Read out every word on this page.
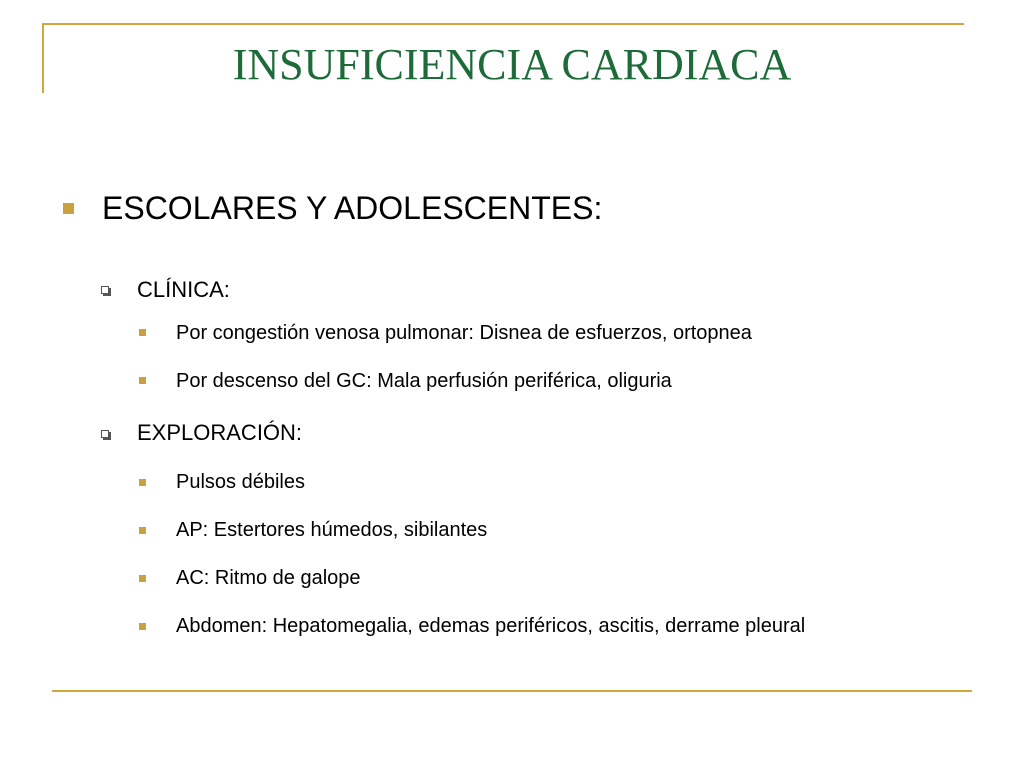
INSUFICIENCIA CARDIACA
ESCOLARES Y ADOLESCENTES:
CLÍNICA:
Por congestión venosa pulmonar: Disnea de esfuerzos, ortopnea
Por descenso del GC: Mala perfusión periférica, oliguria
EXPLORACIÓN:
Pulsos débiles
AP: Estertores húmedos, sibilantes
AC: Ritmo de galope
Abdomen: Hepatomegalia, edemas periféricos, ascitis, derrame pleural
